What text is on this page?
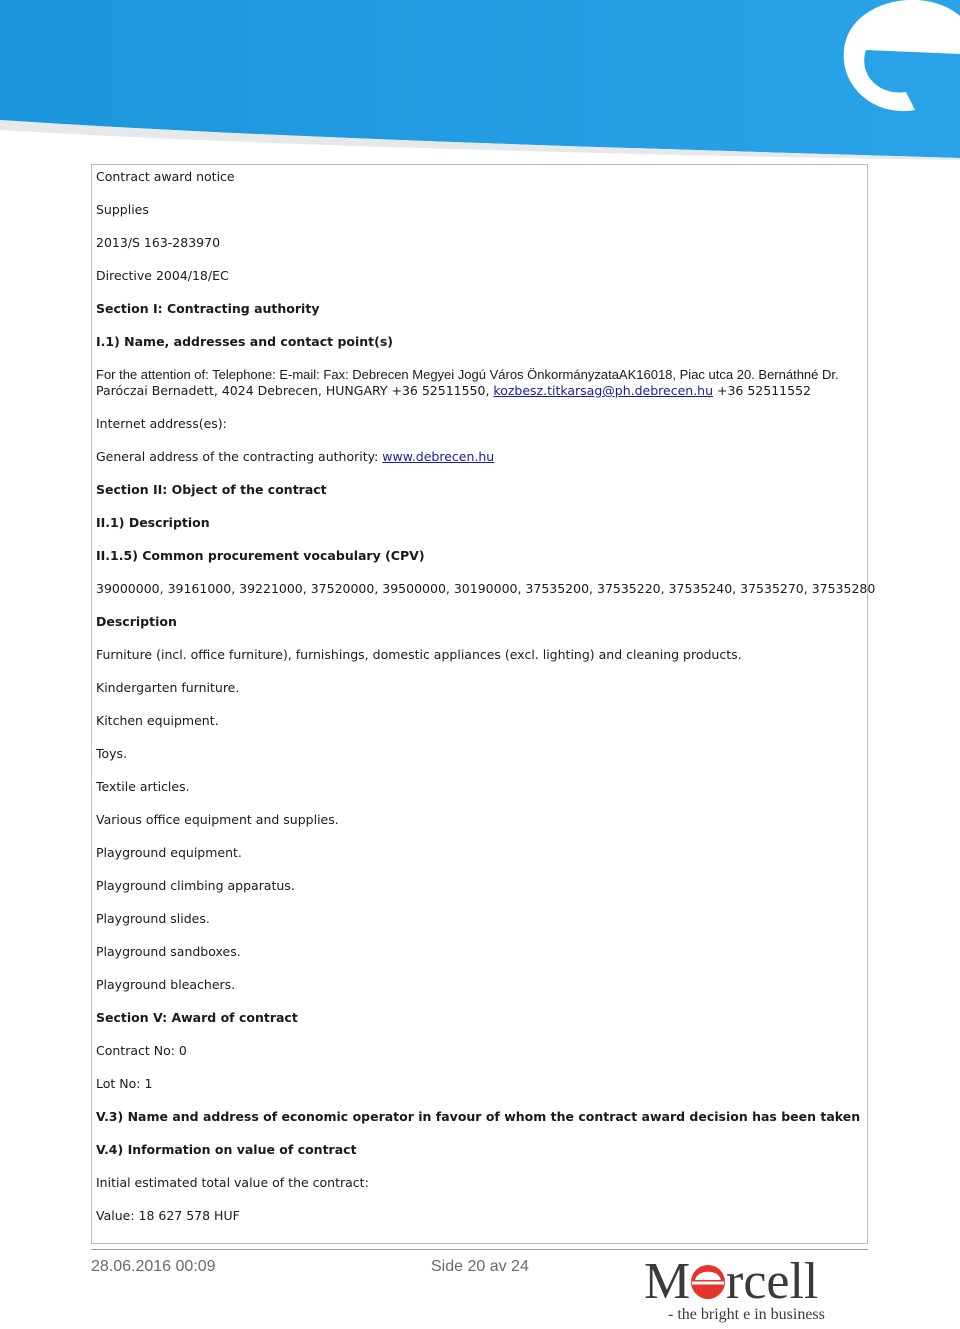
Contract award notice
Supplies
2013/S 163-283970
Directive 2004/18/EC
Section I: Contracting authority
I.1) Name, addresses and contact point(s)
For the attention of: Telephone: E-mail: Fax: Debrecen Megyei Jogú Város ÖnkormányzataAK16018, Piac utca 20. Bernáthné Dr.
Paróczai Bernadett, 4024 Debrecen, HUNGARY +36 52511550, kozbesz.titkarsag@ph.debrecen.hu +36 52511552
Internet address(es):
General address of the contracting authority: www.debrecen.hu
Section II: Object of the contract
II.1) Description
II.1.5) Common procurement vocabulary (CPV)
39000000, 39161000, 39221000, 37520000, 39500000, 30190000, 37535200, 37535220, 37535240, 37535270, 37535280
Description
Furniture (incl. office furniture), furnishings, domestic appliances (excl. lighting) and cleaning products.
Kindergarten furniture.
Kitchen equipment.
Toys.
Textile articles.
Various office equipment and supplies.
Playground equipment.
Playground climbing apparatus.
Playground slides.
Playground sandboxes.
Playground bleachers.
Section V: Award of contract
Contract No: 0
Lot No: 1
V.3) Name and address of economic operator in favour of whom the contract award decision has been taken
V.4) Information on value of contract
Initial estimated total value of the contract:
Value: 18 627 578 HUF
28.06.2016 00:09	Side 20 av 24 M rcell
- the bright e in business
